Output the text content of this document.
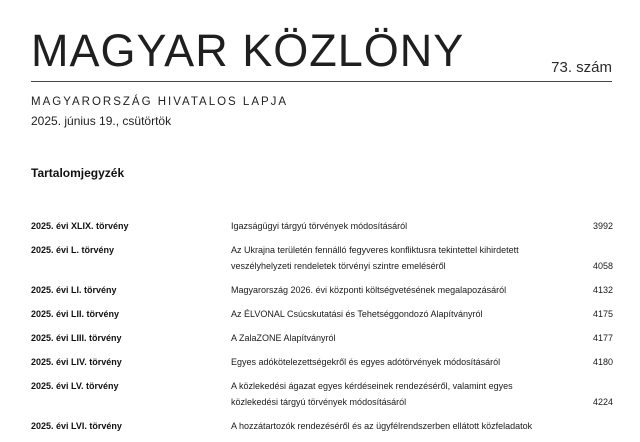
MAGYAR KÖZLÖNY	73. szám
MAGYARORSZÁG HIVATALOS LAPJA
2025. június 19., csütörtök
Tartalomjegyzék
2025. évi XLIX. törvény	Igazságügyi tárgyú törvények módosításáról	3992
2025. évi L. törvény	Az Ukrajna területén fennálló fegyveres konfliktusra tekintettel kihirdetett veszélyhelyzeti rendeletek törvényi szintre emeléséről	4058
2025. évi LI. törvény	Magyarország 2026. évi központi költségvetésének megalapozásáról	4132
2025. évi LII. törvény	Az ÉLVONAL Csúcskutatási és Tehetséggondozó Alapítványról	4175
2025. évi LIII. törvény	A ZalaZONE Alapítványról	4177
2025. évi LIV. törvény	Egyes adókötelezettségekről és egyes adótörvények módosításáról	4180
2025. évi LV. törvény	A közlekedési ágazat egyes kérdéseinek rendezéséről, valamint egyes közlekedési tárgyú törvények módosításáról	4224
2025. évi LVI. törvény	A hozzátartozók rendezéséről és az ügyfélrendszerben ellátott közfeladatok
